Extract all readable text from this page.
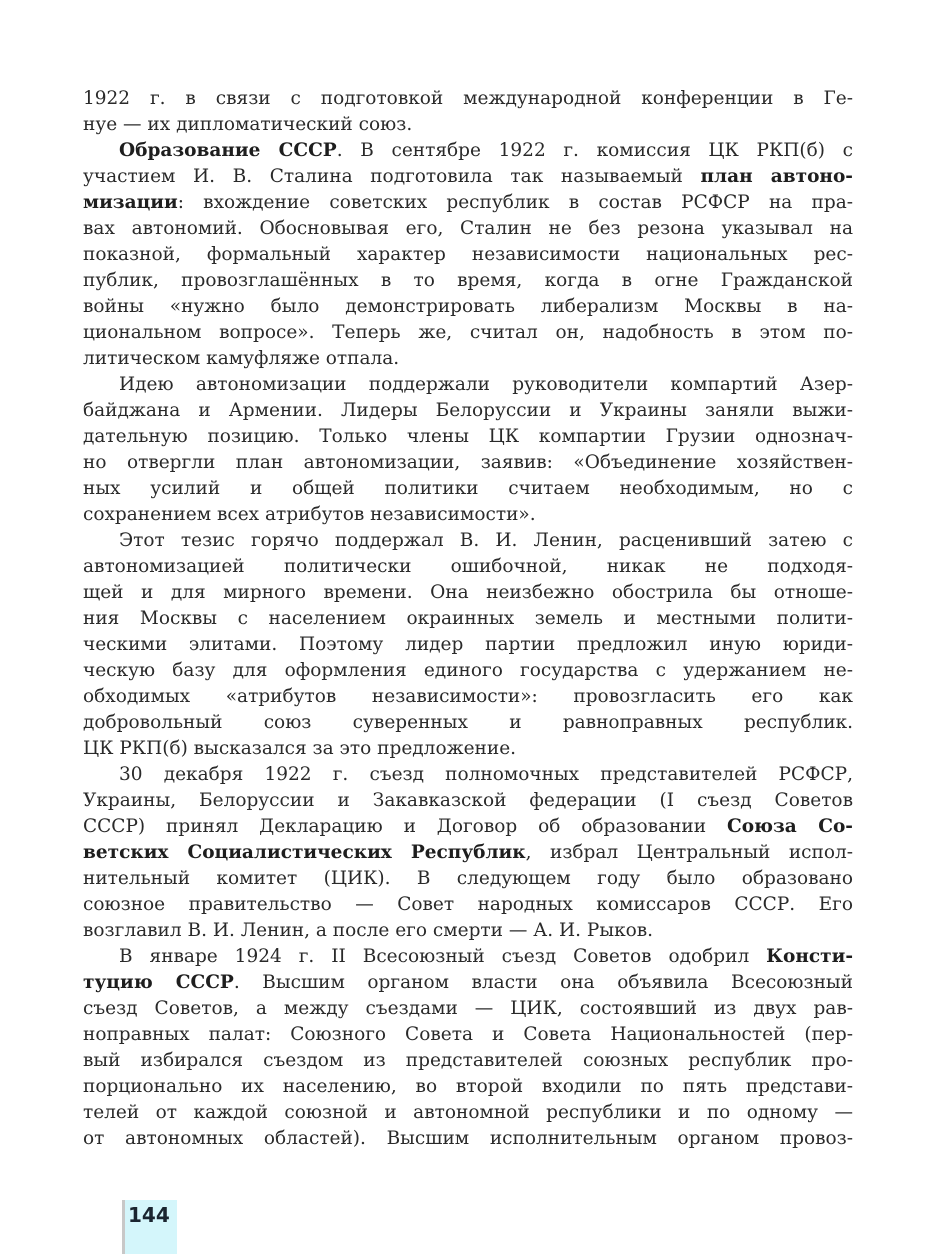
1922 г. в связи с подготовкой международной конференции в Ге-
нуе — их дипломатический союз.
Образование СССР. В сентябре 1922 г. комиссия ЦК РКП(б) с
участием И. В. Сталина подготовила так называемый план автоно-
мизации: вхождение советских республик в состав РСФСР на пра-
вах автономий. Обосновывая его, Сталин не без резона указывал на
показной, формальный характер независимости национальных рес-
публик, провозглашённых в то время, когда в огне Гражданской
войны «нужно было демонстрировать либерализм Москвы в на-
циональном вопросе». Теперь же, считал он, надобность в этом по-
литическом камуфляже отпала.
Идею автономизации поддержали руководители компартий Азер-
байджана и Армении. Лидеры Белоруссии и Украины заняли выжи-
дательную позицию. Только члены ЦК компартии Грузии однознач-
но отвергли план автономизации, заявив: «Объединение хозяйствен-
ных усилий и общей политики считаем необходимым, но с
сохранением всех атрибутов независимости».
Этот тезис горячо поддержал В. И. Ленин, расценивший затею с
автономизацией политически ошибочной, никак не подходя-
щей и для мирного времени. Она неизбежно обострила бы отноше-
ния Москвы с населением окраинных земель и местными полити-
ческими элитами. Поэтому лидер партии предложил иную юриди-
ческую базу для оформления единого государства с удержанием не-
обходимых «атрибутов независимости»: провозгласить его как
добровольный союз суверенных и равноправных республик.
ЦК РКП(б) высказался за это предложение.
30 декабря 1922 г. съезд полномочных представителей РСФСР,
Украины, Белоруссии и Закавказской федерации (I съезд Советов
СССР) принял Декларацию и Договор об образовании Союза Со-
ветских Социалистических Республик, избрал Центральный испол-
нительный комитет (ЦИК). В следующем году было образовано
союзное правительство — Совет народных комиссаров СССР. Его
возглавил В. И. Ленин, а после его смерти — А. И. Рыков.
В январе 1924 г. II Всесоюзный съезд Советов одобрил Консти-
туцию СССР. Высшим органом власти она объявила Всесоюзный
съезд Советов, а между съездами — ЦИК, состоявший из двух рав-
ноправных палат: Союзного Совета и Совета Национальностей (пер-
вый избирался съездом из представителей союзных республик про-
порционально их населению, во второй входили по пять представи-
телей от каждой союзной и автономной республики и по одному —
от автономных областей). Высшим исполнительным органом провоз-
144
